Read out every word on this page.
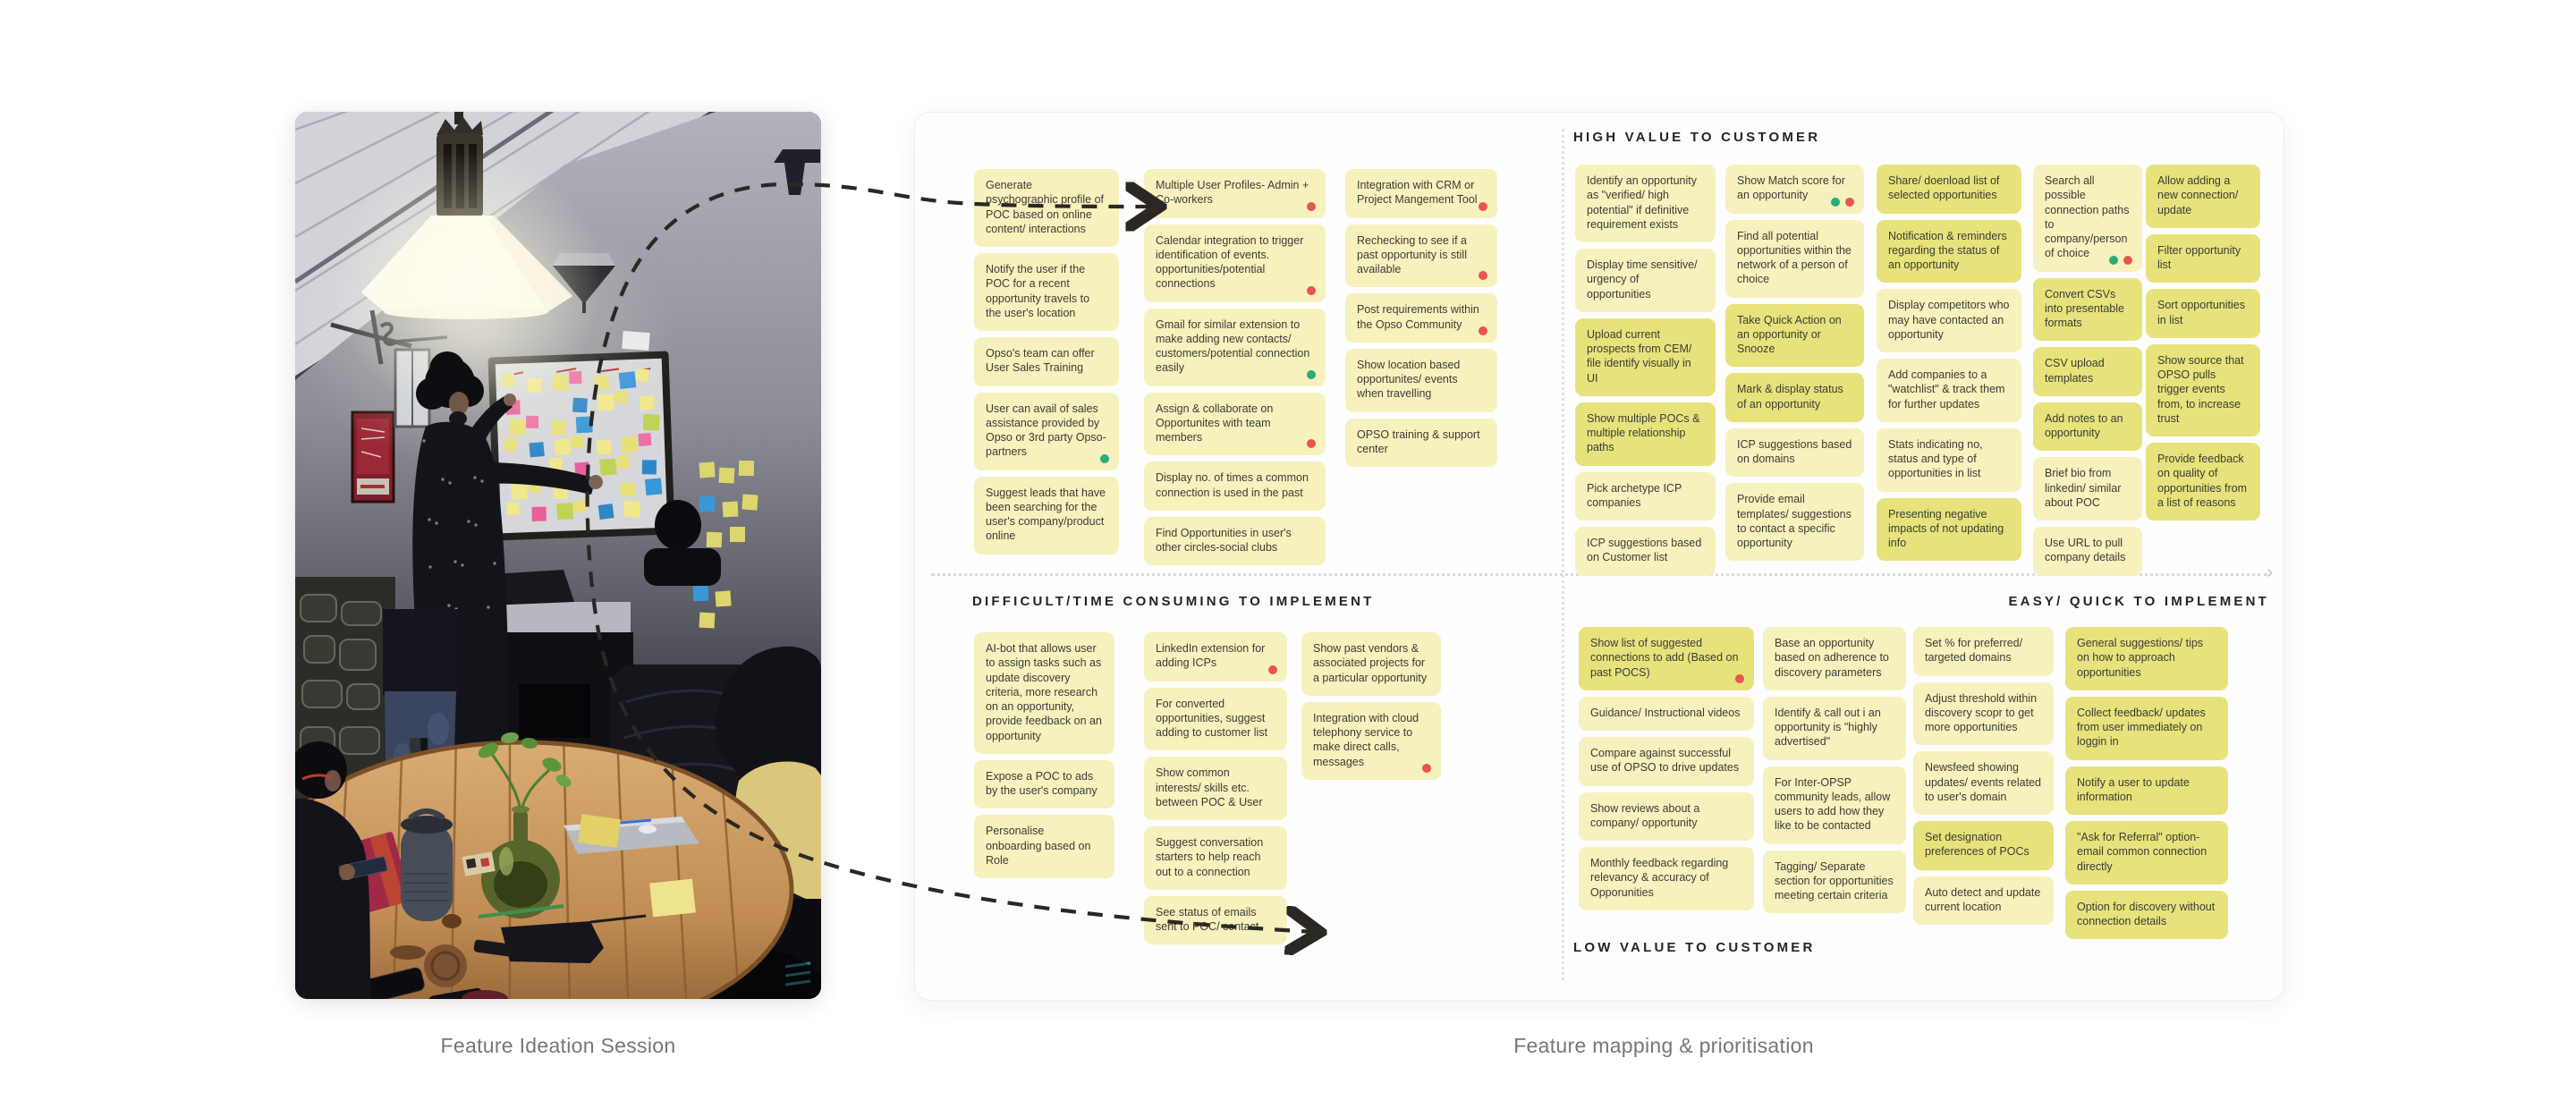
Feature Ideation Session
HIGH VALUE TO CUSTOMER
LOW VALUE TO CUSTOMER
DIFFICULT/TIME CONSUMING TO IMPLEMENT	EASY/ QUICK TO IMPLEMENT
›
Generate psychographic profile of POC based on online content/ interactions
Notify the user if the POC for a recent opportunity travels to the user's location
Opso's team can offer User Sales Training
User can avail of sales assistance provided by Opso or 3rd party Opso-partners
Suggest leads that have been searching for the user's company/product online
Multiple User Profiles- Admin + Co-workers
Calendar integration to trigger identification of events. opportunities/potential connections
Gmail for similar extension to make adding new contacts/ customers/potential connection easily
Assign & collaborate on Opportunites with team members
Display no. of times a common connection is used in the past
Find Opportunities in user's other circles-social clubs
Integration with CRM or Project Mangement Tool
Rechecking to see if a past opportunity is still available
Post requirements within the Opso Community
Show location based opportunites/ events when travelling
OPSO training & support center
Identify an opportunity as "verified/ high potential" if definitive requirement exists
Display time sensitive/ urgency of opportunities
Upload current prospects from CEM/ file identify visually in UI
Show multiple POCs & multiple relationship paths
Pick archetype ICP companies
ICP suggestions based on Customer list
Show Match score for an opportunity
Find all potential opportunities within the network of a person of choice
Take Quick Action on an opportunity or Snooze
Mark & display status of an opportunity
ICP suggestions based on domains
Provide email templates/ suggestions to contact a specific opportunity
Share/ doenload list of selected opportunities
Notification & reminders regarding the status of an opportunity
Display competitors who may have contacted an opportunity
Add companies to a "watchlist" & track them for further updates
Stats indicating no, status and type of opportunities in list
Presenting negative impacts of not updating info
Search all possible connection paths to company/person of choice
Convert CSVs into presentable formats
CSV upload templates
Add notes to an opportunity
Brief bio from linkedin/ similar about POC
Use URL to pull company details
Allow adding a new connection/ update
Filter opportunity list
Sort opportunities in list
Show source that OPSO pulls trigger events from, to increase trust
Provide feedback on quality of opportunities from a list of reasons
AI-bot that allows user to assign tasks such as update discovery criteria, more research on an opportunity, provide feedback on an opportunity
Expose a POC to ads by the user's company
Personalise onboarding based on Role
LinkedIn extension for adding ICPs
For converted opportunities, suggest adding to customer list
Show common interests/ skills etc. between POC & User
Suggest conversation starters to help reach out to a connection
See status of emails sent to POC/ contact
Show past vendors & associated projects for a particular opportunity
Integration with cloud telephony service to make direct calls, messages
Show list of suggested connections to add (Based on past POCS)
Guidance/ Instructional videos
Compare against successful use of OPSO to drive updates
Show reviews about a company/ opportunity
Monthly feedback regarding relevancy & accuracy of Opporunities
Base an opportunity based on adherence to discovery parameters
Identify & call out i an opportunity is "highly advertised"
For Inter-OPSP community leads, allow users to add how they like to be contacted
Tagging/ Separate section for opportunities meeting certain criteria
Set % for preferred/ targeted domains
Adjust threshold within discovery scopr to get more opportunities
Newsfeed showing updates/ events related to user's domain
Set designation preferences of POCs
Auto detect and update current location
General suggestions/ tips on how to approach opportunities
Collect feedback/ updates from user immediately on loggin in
Notify a user to update information
"Ask for Referral" option- email common connection directly
Option for discovery without connection details
Feature mapping & prioritisation
